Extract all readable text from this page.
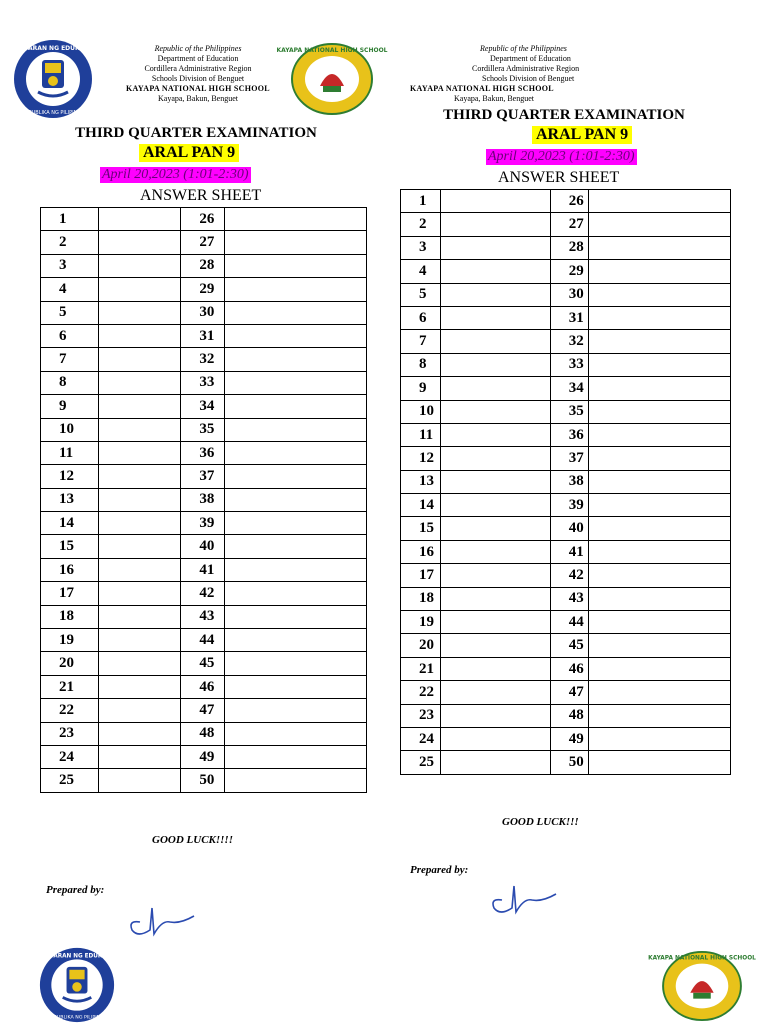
KAGAWARAN NG EDUKASYON
REPUBLIKA NG PILIPINAS
Republic of the Philippines
Department of Education
Cordillera Administrative Region
Schools Division of Benguet
KAYAPA NATIONAL HIGH SCHOOL
Kayapa, Bakun, Benguet
KAYAPA NATIONAL HIGH SCHOOL
THIRD QUARTER EXAMINATION
ARAL PAN 9
April 20,2023 (1:01-2:30)
ANSWER SHEET
1		26	
2		27	
3		28	
4		29	
5		30	
6		31	
7		32	
8		33	
9		34	
10		35	
11		36	
12		37	
13		38	
14		39	
15		40	
16		41	
17		42	
18		43	
19		44	
20		45	
21		46	
22		47	
23		48	
24		49	
25		50	
GOOD LUCK!!!!
Prepared by:
KAGAWARAN NG EDUKASYON
REPUBLIKA NG PILIPINAS
Republic of the Philippines
Department of Education
Cordillera Administrative Region
Schools Division of Benguet
KAYAPA NATIONAL HIGH SCHOOL
Kayapa, Bakun, Benguet
THIRD QUARTER EXAMINATION
ARAL PAN 9
April 20,2023 (1:01-2:30)
ANSWER SHEET
1		26	
2		27	
3		28	
4		29	
5		30	
6		31	
7		32	
8		33	
9		34	
10		35	
11		36	
12		37	
13		38	
14		39	
15		40	
16		41	
17		42	
18		43	
19		44	
20		45	
21		46	
22		47	
23		48	
24		49	
25		50	
GOOD LUCK!!!
Prepared by:
KAYAPA NATIONAL HIGH SCHOOL
